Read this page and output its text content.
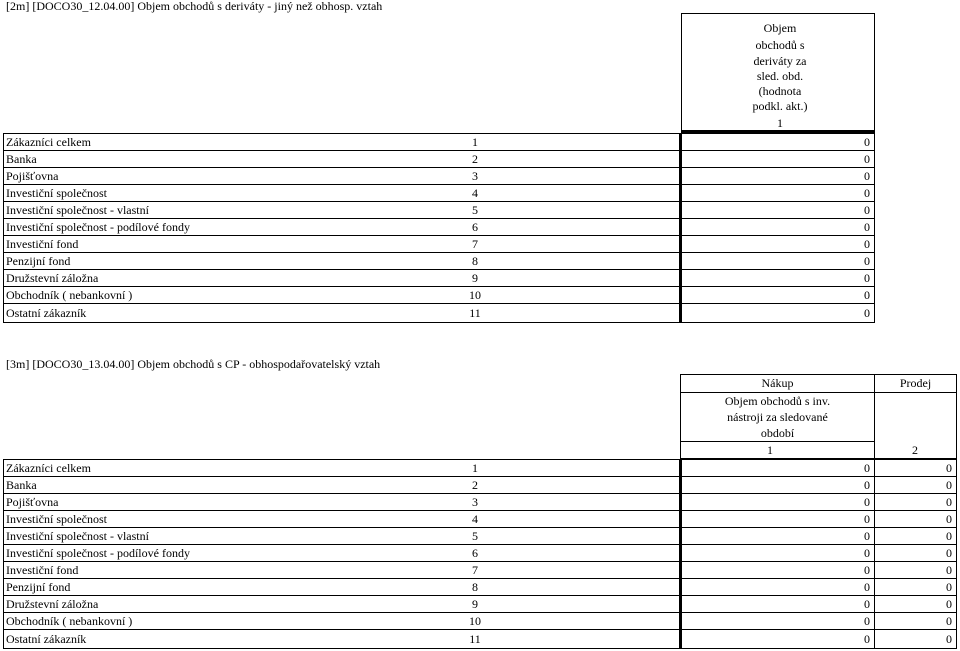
[2m] [DOCO30_12.04.00] Objem obchodů s deriváty - jiný než obhosp. vztah
Objem
obchodů s
deriváty za
sled. obd.
(hodnota
podkl. akt.)
1
Zákazníci celkem	1	0
Banka	2	0
Pojišťovna	3	0
Investiční společnost	4	0
Investiční společnost - vlastní	5	0
Investiční společnost - podílové fondy	6	0
Investiční fond	7	0
Penzijní fond	8	0
Družstevní záložna	9	0
Obchodník ( nebankovní )	10	0
Ostatní zákazník	11	0
[3m] [DOCO30_13.04.00] Objem obchodů s CP - obhospodařovatelský vztah
Nákup	Prodej
Objem obchodů s inv.
nástroji za sledované
období
1	2
Zákazníci celkem	1	0	0
Banka	2	0	0
Pojišťovna	3	0	0
Investiční společnost	4	0	0
Investiční společnost - vlastní	5	0	0
Investiční společnost - podílové fondy	6	0	0
Investiční fond	7	0	0
Penzijní fond	8	0	0
Družstevní záložna	9	0	0
Obchodník ( nebankovní )	10	0	0
Ostatní zákazník	11	0	0
